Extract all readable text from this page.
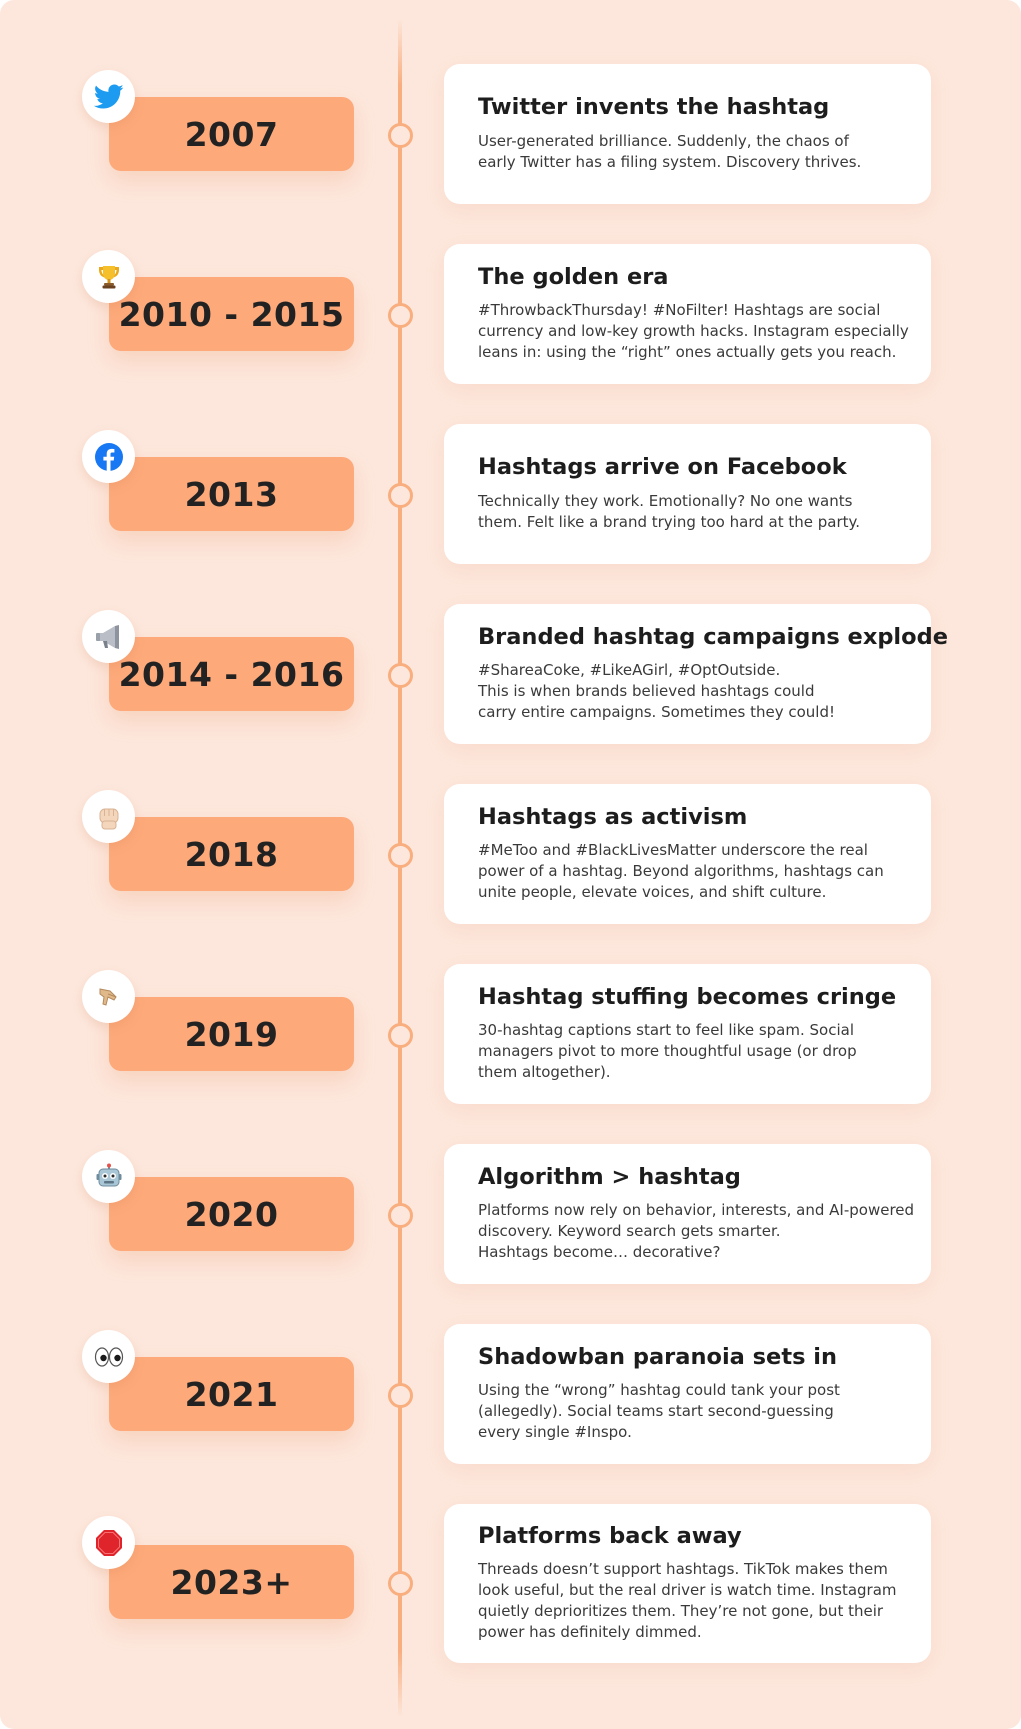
2007
Twitter invents the hashtag
User-generated brilliance. Suddenly, the chaos of
early Twitter has a filing system. Discovery thrives.
2010 - 2015
The golden era
#ThrowbackThursday! #NoFilter! Hashtags are social
currency and low-key growth hacks. Instagram especially
leans in: using the “right” ones actually gets you reach.
2013
Hashtags arrive on Facebook
Technically they work. Emotionally? No one wants
them. Felt like a brand trying too hard at the party.
2014 - 2016
Branded hashtag campaigns explode
#ShareaCoke, #LikeAGirl, #OptOutside.
This is when brands believed hashtags could
carry entire campaigns. Sometimes they could!
2018
Hashtags as activism
#MeToo and #BlackLivesMatter underscore the real
power of a hashtag. Beyond algorithms, hashtags can
unite people, elevate voices, and shift culture.
2019
Hashtag stuffing becomes cringe
30-hashtag captions start to feel like spam. Social
managers pivot to more thoughtful usage (or drop
them altogether).
2020
Algorithm > hashtag
Platforms now rely on behavior, interests, and AI-powered
discovery. Keyword search gets smarter.
Hashtags become… decorative?
2021
Shadowban paranoia sets in
Using the “wrong” hashtag could tank your post
(allegedly). Social teams start second-guessing
every single #Inspo.
2023+
Platforms back away
Threads doesn’t support hashtags. TikTok makes them
look useful, but the real driver is watch time. Instagram
quietly deprioritizes them. They’re not gone, but their
power has definitely dimmed.
